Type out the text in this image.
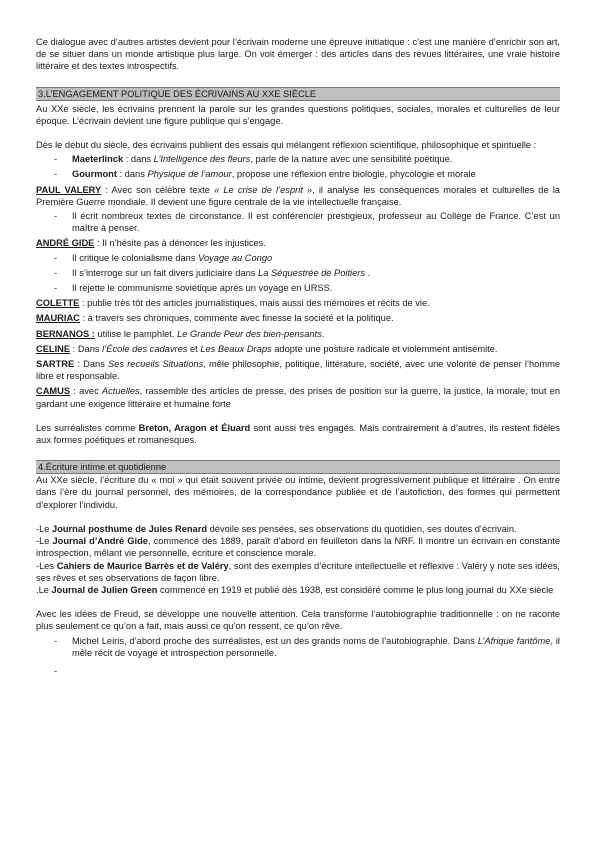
Ce dialogue avec d’autres artistes devient pour l’écrivain moderne une épreuve initiatique : c’est une manière d’enrichir son art, de se situer dans un monde artistique plus large. On voit émerger : des articles dans des revues littéraires, une vraie histoire littéraire et des textes introspectifs.

3.L’ENGAGEMENT POLITIQUE DES ÉCRIVAINS AU XXE SIÈCLE

Au XXe siècle, les écrivains prennent la parole sur les grandes questions politiques, sociales, morales et culturelles de leur époque. L’écrivain devient une figure publique qui s’engage.

Dès le début du siècle, des écrivains publient des essais qui mélangent réflexion scientifique, philosophique et spirituelle :

- Maeterlinck : dans L’Intelligence des fleurs, parle de la nature avec une sensibilité poétique.
- Gourmont : dans Physique de l’amour, propose une réflexion entre biologie, phycologie et morale

PAUL VALERY : Avec son célèbre texte « Le crise de l’esprit », il analyse les conséquences morales et culturelles de la Première Guerre mondiale. Il devient une figure centrale de la vie intellectuelle française.

- Il écrit nombreux textes de circonstance. Il est conférencier prestigieux, professeur au Collège de France. C’est un maître à penser.

ANDRÉ GIDE : Il n’hésite pas à dénoncer les injustices.

- Il critique le colonialisme dans Voyage au Congo
- Il s’interroge sur un fait divers judiciaire dans La Séquestrée de Poitiers .
- Il rejette le communisme soviétique après un voyage en URSS.

COLETTE : publie très tôt des articles journalistiques, mais aussi des mémoires et récits de vie.

MAURIAC : à travers ses chroniques, commente avec finesse la société et la politique.

BERNANOS : utilise le pamphlet. Le Grande Peur des bien-pensants.

CELINE : Dans l’École des cadavres et Les Beaux Draps adopte une posture radicale et violemment antisémite.

SARTRE : Dans Ses recueils Situations, mêle philosophie, politique, littérature, société, avec une volonté de penser l’homme libre et responsable.

CAMUS : avec Actuelles, rassemble des articles de presse, des prises de position sur la guerre, la justice, la morale, tout en gardant une exigence littéraire et humaine forte

Les surréalistes comme Breton, Aragon et Éluard sont aussi très engagés. Mais contrairement à d’autres, ils restent fidèles aux formes poétiques et romanesques.

4.Écriture intime et quotidienne

Au XXe siècle, l’écriture du « moi » qui était souvent privée ou intime, devient progressivement publique et littéraire . On entre dans l’ère du journal personnel, des mémoires, de la correspondance publiée et de l’autofiction, des formes qui permettent d’explorer l’individu.

-Le Journal posthume de Jules Renard dévoile ses pensées, ses observations du quotidien, ses doutes d’écrivain.

-Le Journal d’André Gide, commencé dès 1889, paraît d’abord en feuilleton dans la NRF. Il montre un écrivain en constante introspection, mêlant vie personnelle, écriture et conscience morale.

-Les Cahiers de Maurice Barrès et de Valéry, sont des exemples d’écriture intellectuelle et réflexive : Valéry y note ses idées, ses rêves et ses observations de façon libre.

.Le Journal de Julien Green commencé en 1919 et publié dès 1938, est considéré comme le plus long journal du XXe siècle

Avec les idées de Freud, se développe une nouvelle attention. Cela transforme l’autobiographie traditionnelle : on ne raconte plus seulement ce qu’on a fait, mais aussi ce qu’on ressent, ce qu’on rêve.

- Michel Leiris, d’abord proche des surréalistes, est un des grands noms de l’autobiographie. Dans L’Afrique fantôme, il mêle récit de voyage et introspection personnelle.
-
